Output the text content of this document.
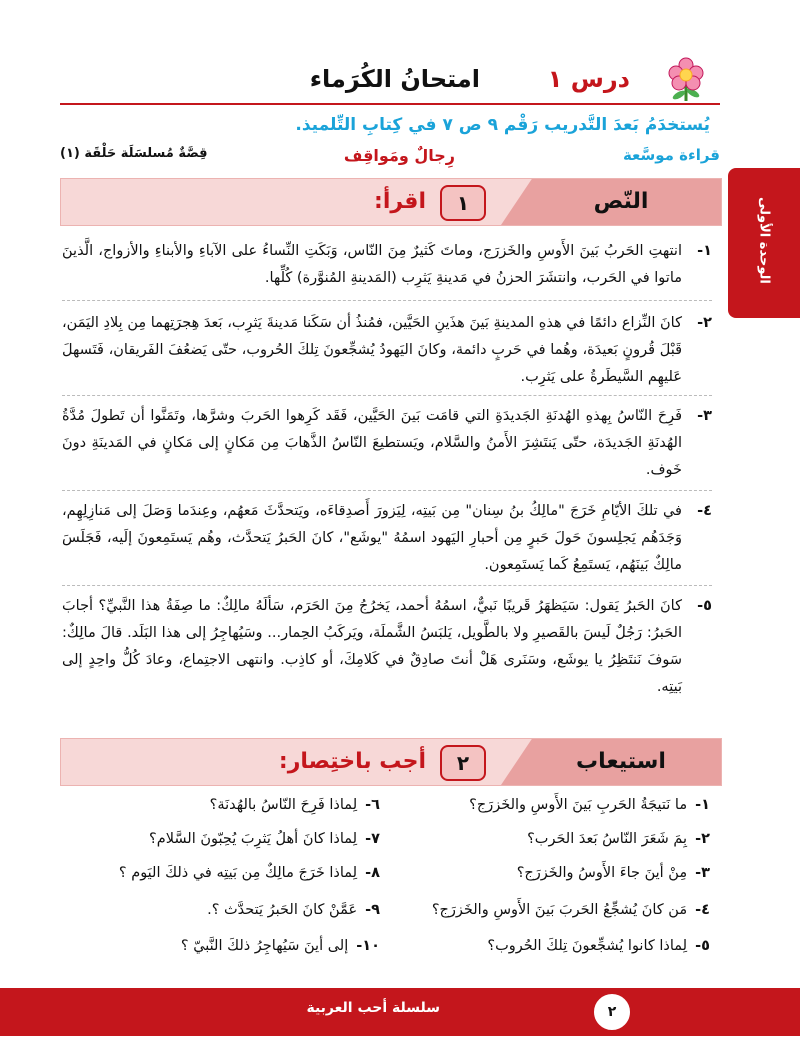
درس ١
امتحانُ الكُرَماء
يُستخدَمُ بَعدَ التَّدريب رَقْم ٩ ص ٧ في كِتابِ التِّلميذ.
قراءة موسَّعة
رِجالٌ ومَواقِف
قِصَّةٌ مُسلسَلَة حَلْقَة (١)
الوحدة الأولى
النّص
١
اقرأ:
١-
انتهتِ الحَربُ بَينَ الأَوسِ والخَزرَج، وماتَ كَثيرٌ مِنَ النّاس، وَبَكَتِ النِّساءُ على الآباءِ والأبناءِ والأزواج، الَّذينَ ماتوا في الحَرب، وانتشَرَ الحزنُ في مَدينةِ يَثرِب (المَدينةِ المُنوَّرة) كُلِّها.
٢-
كانَ النِّزاع دائمًا في هذهِ المدينةِ بَينَ هذَينِ الحَيَّين، فمُنذُ أن سَكَنا مَدينةَ يَثرِب، بَعدَ هِجرَتِهما مِن بِلادِ اليَمَن، قَبْلَ قُرونٍ بَعيدَة، وهُما في حَربٍ دائمة، وكانَ اليَهودُ يُشجِّعونَ تِلكَ الحُروب، حتّى يَضعُفَ الفَريقان، فَتَسهلَ عَليهِم السَّيطَرةُ على يَثرِب.
٣-
فَرِحَ النّاسُ بِهذهِ الهُدنَةِ الجَديدَةِ التي قامَت بَينَ الحَيَّين، فَقَد كَرِهوا الحَربَ وشرَّها، وتَمَنَّوا أن تَطولَ مُدَّةُ الهُدنَةِ الجَديدَة، حتّى يَنتَشِرَ الأَمنُ والسَّلام، ويَستطيعَ النّاسُ الذَّهابَ مِن مَكانٍ إلى مَكانٍ في المَدينَةِ دونَ خَوف.
٤-
في تلكَ الأيّامِ خَرَجَ "مالِكُ بنُ سِنان" مِن بَيتِه، لِيَزورَ أَصدِقاءَه، ويَتحدَّثَ مَعهُم، وعِندَما وَصَلَ إلى مَنازِلِهِم، وَجَدَهُم يَجلِسونَ حَولَ حَبرٍ مِن أحبارِ اليَهود اسمُهُ "يوشَع"، كانَ الحَبرُ يَتحدَّث، وهُم يَستَمِعونَ إلَيه، فَجَلَسَ مالِكٌ بَينَهُم، يَستَمِعُ كَما يَستَمِعون.
٥-
كانَ الحَبرُ يَقول: سَيَظهَرُ قَريبًا نَبيٌّ، اسمُهُ أحمد، يَخرُجُ مِنَ الحَرَم، سَألَهُ مالِكٌ: ما صِفَةُ هذا النَّبيِّ؟ أجابَ الحَبرُ: رَجُلٌ لَيسَ بالقَصيرِ ولا بالطَّويل، يَلبَسُ الشَّملَة، ويَركَبُ الحِمار... وسَيُهاجِرُ إلى هذا البَلَد. قالَ مالِكٌ: سَوفَ نَنتَظِرُ يا يوشَع، وسَنَرى هَلْ أنتَ صادِقٌ في كَلامِكَ، أو كاذِب. وانتهى الاجتِماع، وعادَ كُلُّ واحِدٍ إلى بَيتِه.
استيعاب
٢
أجب باختِصار:
١-ما نَتيجَةُ الحَربِ بَينَ الأَوسِ والخَزرَج؟
٢-بِمَ شَعَرَ النّاسُ بَعدَ الحَرب؟
٣-مِنْ أينَ جاءَ الأَوسُ والخَزرَج؟
٤-مَن كانَ يُشجِّعُ الحَربَ بَينَ الأَوسِ والخَزرَج؟
٥-لِماذا كانوا يُشجِّعونَ تِلكَ الحُروب؟
٦-لِماذا فَرِحَ النّاسُ بالهُدنَة؟
٧-لِماذا كانَ أهلُ يَثرِبَ يُحِبّونَ السَّلام؟
٨-لِماذا خَرَجَ مالِكٌ مِن بَيتِه في ذلكَ اليَوم ؟
٩-عَمَّنْ كانَ الحَبرُ يَتحدَّث ؟.
١٠-إلى أينَ سَيُهاجِرُ ذلكَ النَّبيّ ؟
سلسلة أحب العربية	٢
